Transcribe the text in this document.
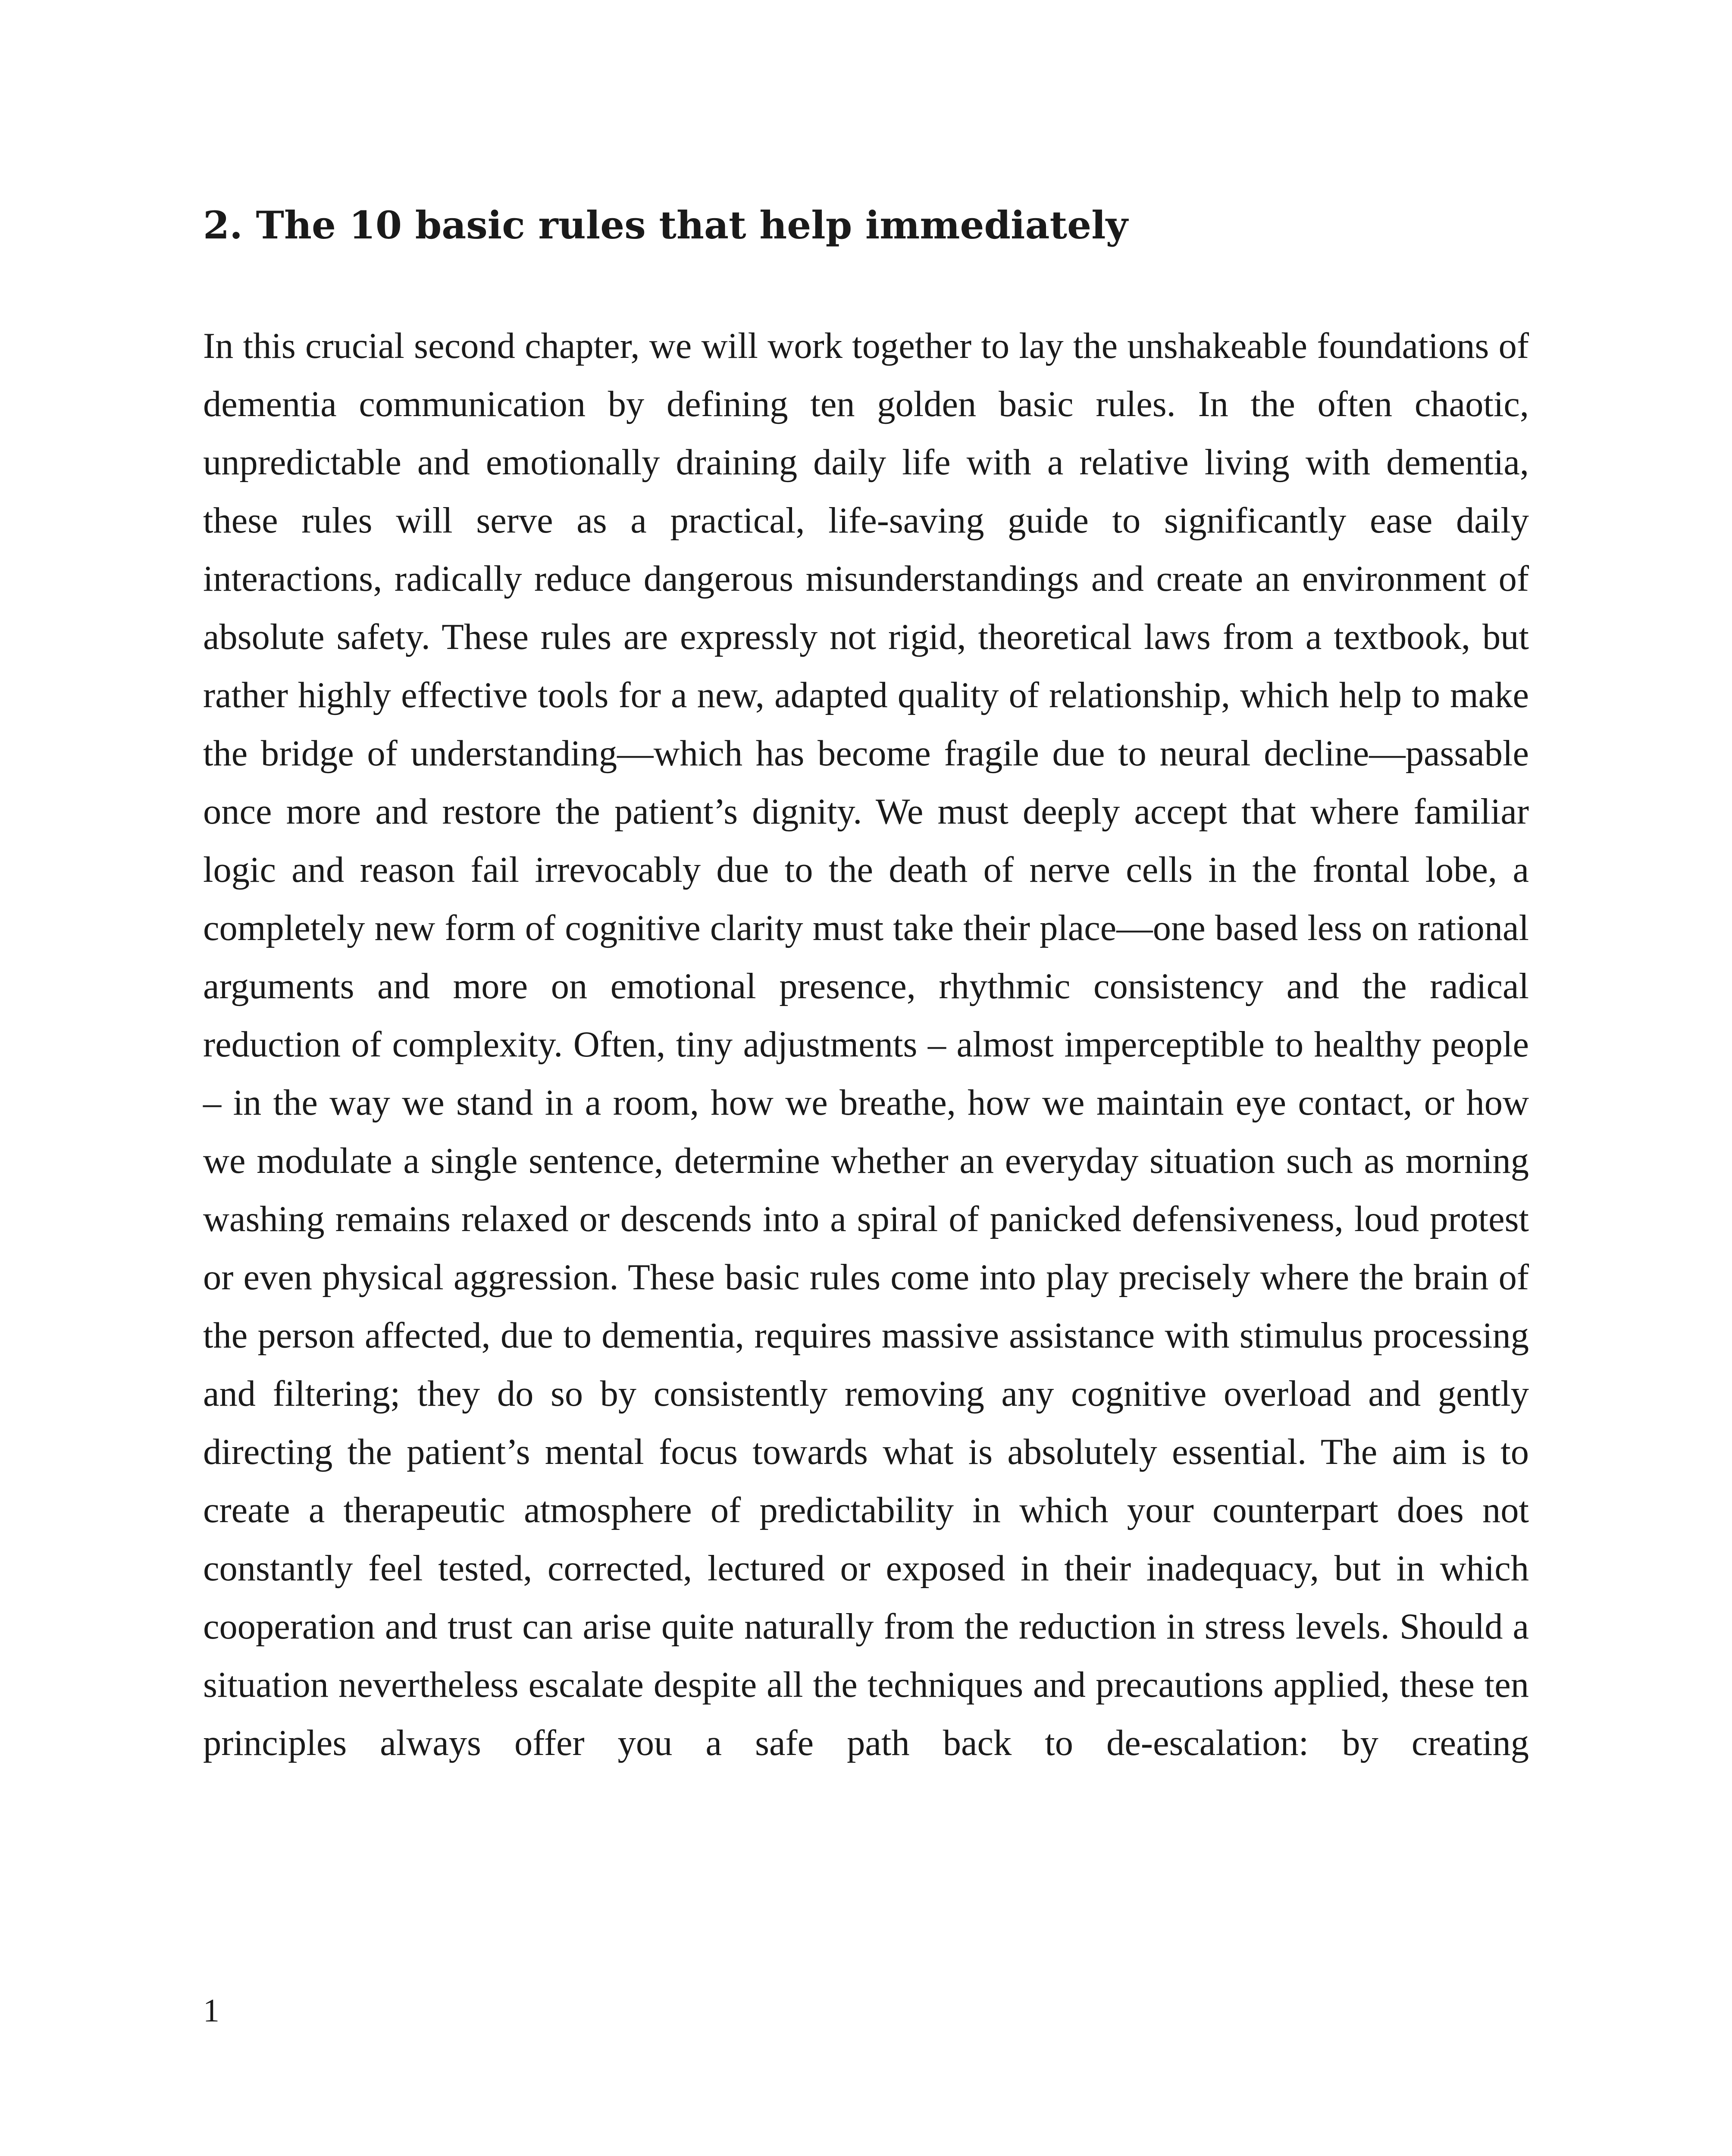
2. The 10 basic rules that help immediately

In this crucial second chapter, we will work together to lay the unshakeable foundations of dementia communication by defining ten golden basic rules. In the often chaotic, unpredictable and emotionally draining daily life with a relative living with dementia, these rules will serve as a practical, life-saving guide to significantly ease daily interactions, radically reduce dangerous misunderstandings and create an environment of absolute safety. These rules are expressly not rigid, theoretical laws from a textbook, but rather highly effective tools for a new, adapted quality of relationship, which help to make the bridge of understanding—which has become fragile due to neural decline—passable once more and restore the patient’s dignity. We must deeply accept that where familiar logic and reason fail irrevocably due to the death of nerve cells in the frontal lobe, a completely new form of cognitive clarity must take their place—one based less on rational arguments and more on emotional presence, rhythmic consistency and the radical reduction of complexity. Often, tiny adjustments – almost imperceptible to healthy people – in the way we stand in a room, how we breathe, how we maintain eye contact, or how we modulate a single sentence, determine whether an everyday situation such as morning washing remains relaxed or descends into a spiral of panicked defensiveness, loud protest or even physical aggression. These basic rules come into play precisely where the brain of the person affected, due to dementia, requires massive assistance with stimulus processing and filtering; they do so by consistently removing any cognitive overload and gently directing the patient’s mental focus towards what is absolutely essential. The aim is to create a therapeutic atmosphere of predictability in which your counterpart does not constantly feel tested, corrected, lectured or exposed in their inadequacy, but in which cooperation and trust can arise quite naturally from the reduction in stress levels. Should a situation nevertheless escalate despite all the techniques and precautions applied, these ten principles always offer you a safe path back to de-escalation: by creating

1
